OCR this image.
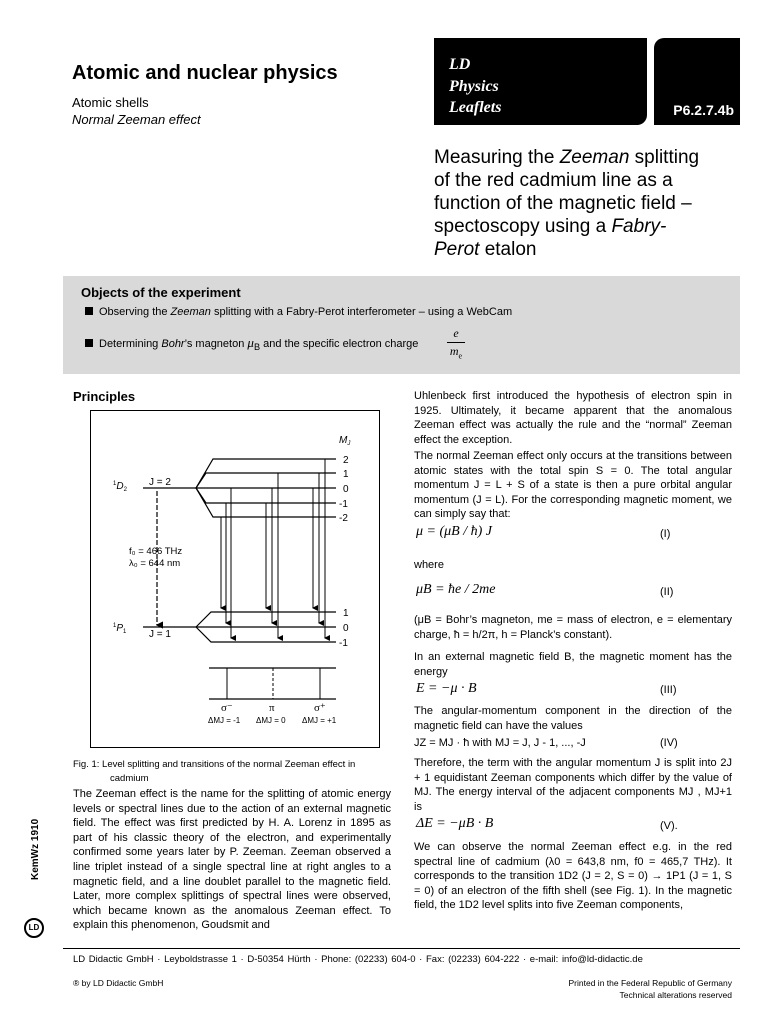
Atomic and nuclear physics
Atomic shells
Normal Zeeman effect
LD
Physics
Leaflets	P6.2.7.4b
Measuring the Zeeman splitting
of the red cadmium line as a
function of the magnetic field –
spectoscopy using a Fabry-
Perot etalon
Objects of the experiment
Observing the Zeeman splitting with a Fabry-Perot interferometer – using a WebCam
Determining Bohr’s magneton $\mu_B$ and the specific electron charge $\frac{e}{m_e}$
Principles
$M_J$
$^1D_2$
J = 2
2
1
0
-1
-2
f₀ = 466 THz
λ₀ = 644 nm
$^1P_1$ J = 1
1
0
-1
σ⁻	π	σ⁺
ΔMJ = -1 ΔMJ = 0 ΔMJ = +1
Fig. 1: Level splitting and transitions of the normal Zeeman effect in
cadmium
The Zeeman effect is the name for the splitting of atomic energy levels or spectral lines due to the action of an external magnetic field. The effect was first predicted by H. A. Lorenz in 1895 as part of his classic theory of the electron, and experimentally confirmed some years later by P. Zeeman. Zeeman observed a line triplet instead of a single spectral line at right angles to a magnetic field, and a line doublet parallel to the magnetic field. Later, more complex splittings of spectral lines were observed, which became known as the anomalous Zeeman effect. To explain this phenomenon, Goudsmit and
Uhlenbeck first introduced the hypothesis of electron spin in 1925. Ultimately, it became apparent that the anomalous Zeeman effect was actually the rule and the “normal” Zeeman effect the exception.
The normal Zeeman effect only occurs at the transitions between atomic states with the total spin S = 0. The total angular momentum J = L + S of a state is then a pure orbital angular momentum (J = L). For the corresponding magnetic moment, we can simply say that:
μ = (μB / ħ) J	(I)
where
μB = ħe / 2me	(II)
(μB = Bohr’s magneton, me = mass of electron, e = elementary charge, ħ = h/2π, h = Planck’s constant).
In an external magnetic field B, the magnetic moment has the energy
E = −μ · B	(III)
The angular-momentum component in the direction of the magnetic field can have the values
JZ = MJ · ħ with MJ = J, J - 1, ..., -J	(IV)
Therefore, the term with the angular momentum J is split into 2J + 1 equidistant Zeeman components which differ by the value of MJ. The energy interval of the adjacent components MJ , MJ+1 is
ΔE = −μB · B	(V).
We can observe the normal Zeeman effect e.g. in the red spectral line of cadmium (λ0 = 643,8 nm, f0 = 465,7 THz). It corresponds to the transition 1D2 (J = 2, S = 0) → 1P1 (J = 1, S = 0) of an electron of the fifth shell (see Fig. 1). In the magnetic field, the 1D2 level splits into five Zeeman components,
KemWz 1910
LD
LD Didactic GmbH · Leyboldstrasse 1 · D-50354 Hürth · Phone: (02233) 604-0 · Fax: (02233) 604-222 · e-mail: info@ld-didactic.de
® by LD Didactic GmbH	Printed in the Federal Republic of Germany
Technical alterations reserved
